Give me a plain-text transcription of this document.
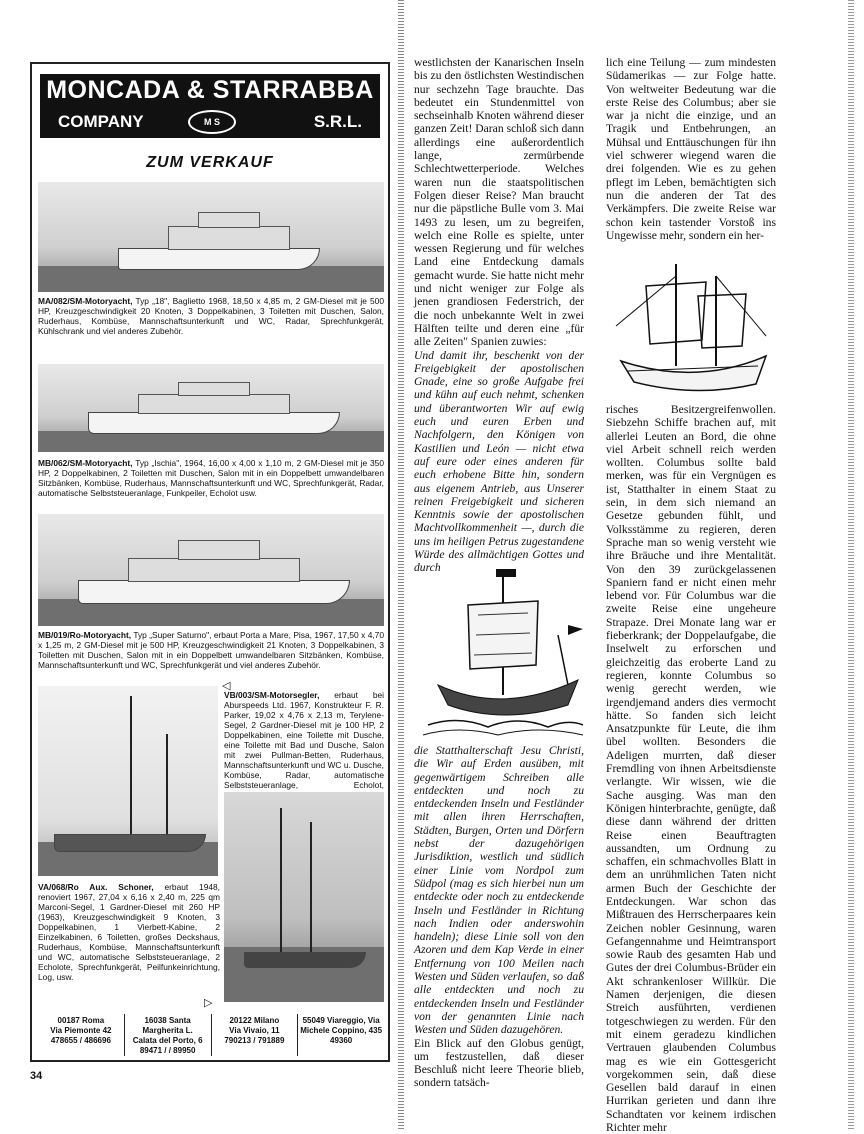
MONCADA & STARRABBA
COMPANY	M S	S.R.L.
ZUM VERKAUF
MA/082/SM-Motoryacht, Typ „18", Baglietto 1968, 18,50 x 4,85 m, 2 GM-Diesel mit je 500 HP, Kreuzgeschwindigkeit 20 Knoten, 3 Doppelkabinen, 3 Toiletten mit Duschen, Salon, Ruderhaus, Kombüse, Mannschaftsunterkunft und WC, Radar, Sprechfunkgerät, Kühlschrank und viel anderes Zubehör.
MB/062/SM-Motoryacht, Typ „Ischia", 1964, 16,00 x 4,00 x 1,10 m, 2 GM-Diesel mit je 350 HP, 2 Doppelkabinen, 2 Toiletten mit Duschen, Salon mit in ein Doppelbett umwandelbaren Sitzbänken, Kombüse, Ruderhaus, Mannschaftsunterkunft und WC, Sprechfunkgerät, Radar, automatische Selbststeueranlage, Funkpeiler, Echolot usw.
MB/019/Ro-Motoryacht, Typ „Super Saturno", erbaut Porta a Mare, Pisa, 1967, 17,50 x 4,70 x 1,25 m, 2 GM-Diesel mit je 500 HP, Kreuzgeschwindigkeit 21 Knoten, 3 Doppelkabinen, 3 Toiletten mit Duschen, Salon mit in ein Doppelbett umwandelbaren Sitzbänken, Kombüse, Mannschaftsunterkunft und WC, Sprechfunkgerät und viel anderes Zubehör.
◁
VB/003/SM-Motorsegler, erbaut bei Aburspeeds Ltd. 1967, Konstrukteur F. R. Parker, 19,02 x 4,76 x 2,13 m, Terylene-Segel, 2 Gardner-Diesel mit je 100 HP, 2 Doppelkabinen, eine Toilette mit Dusche, eine Toilette mit Bad und Dusche, Salon mit zwei Pullman-Betten, Ruderhaus, Mannschaftsunterkunft und WC u. Dusche, Kombüse, Radar, automatische Selbststeueranlage, Echolot,
VA/068/Ro Aux. Schoner, erbaut 1948, renoviert 1967, 27,04 x 6,16 x 2,40 m, 225 qm Marconi-Segel, 1 Gardner-Diesel mit 260 HP (1963), Kreuzgeschwindigkeit 9 Knoten, 3 Doppelkabinen, 1 Vierbett-Kabine, 2 Einzelkabinen, 6 Toiletten, großes Deckshaus, Ruderhaus, Kombüse, Mannschaftsunterkunft und WC, automatische Selbststeueranlage, 2 Echolote, Sprechfunkgerät, Peilfunkeinrichtung, Log, usw.
▷
00187 Roma
Via Piemonte 42
478655 / 486696
16038 Santa Margherita L.
Calata del Porto, 6
89471 / / 89950
20122 Milano
Via Vivaio, 11
790213 / 791889
55049 Viareggio, Via
Michele Coppino, 435
49360
34

westlichsten der Kanarischen Inseln bis zu den östlichsten Westindischen nur sechzehn Tage brauchte. Das bedeutet ein Stundenmittel von sechseinhalb Knoten während dieser ganzen Zeit! Daran schloß sich dann allerdings eine außerordentlich lange, zermürbende Schlechtwetterperiode. Welches waren nun die staatspolitischen Folgen dieser Reise? Man braucht nur die päpstliche Bulle vom 3. Mai 1493 zu lesen, um zu begreifen, welch eine Rolle es spielte, unter wessen Regierung und für welches Land eine Entdeckung damals gemacht wurde. Sie hatte nicht mehr und nicht weniger zur Folge als jenen grandiosen Federstrich, der die noch unbekannte Welt in zwei Hälften teilte und deren eine „für alle Zeiten" Spanien zuwies:

Und damit ihr, beschenkt von der Freigebigkeit der apostolischen Gnade, eine so große Aufgabe frei und kühn auf euch nehmt, schenken und überantworten Wir auf ewig euch und euren Erben und Nachfolgern, den Königen von Kastilien und León — nicht etwa auf eure oder eines anderen für euch erhobene Bitte hin, sondern aus eigenem Antrieb, aus Unserer reinen Freigebigkeit und sicheren Kenntnis sowie der apostolischen Machtvollkommenheit —, durch die uns im heiligen Petrus zugestandene Würde des allmächtigen Gottes und durch

die Statthalterschaft Jesu Christi, die Wir auf Erden ausüben, mit gegenwärtigem Schreiben alle entdeckten und noch zu entdeckenden Inseln und Festländer mit allen ihren Herrschaften, Städten, Burgen, Orten und Dörfern nebst der dazugehörigen Jurisdiktion, westlich und südlich einer Linie vom Nordpol zum Südpol (mag es sich hierbei nun um entdeckte oder noch zu entdeckende Inseln und Festländer in Richtung nach Indien oder anderswohin handeln); diese Linie soll von den Azoren und dem Kap Verde in einer Entfernung von 100 Meilen nach Westen und Süden verlaufen, so daß alle entdeckten und noch zu entdeckenden Inseln und Festländer von der genannten Linie nach Westen und Süden dazugehören.

Ein Blick auf den Globus genügt, um festzustellen, daß dieser Beschluß nicht leere Theorie blieb, sondern tatsäch-

lich eine Teilung — zum mindesten Südamerikas — zur Folge hatte. Von weltweiter Bedeutung war die erste Reise des Columbus; aber sie war ja nicht die einzige, und an Tragik und Entbehrungen, an Mühsal und Enttäuschungen für ihn viel schwerer wiegend waren die drei folgenden. Wie es zu gehen pflegt im Leben, bemächtigten sich nun die anderen der Tat des Verkämpfers. Die zweite Reise war schon kein tastender Vorstoß ins Ungewisse mehr, sondern ein her-

risches Besitzergreifenwollen. Siebzehn Schiffe brachen auf, mit allerlei Leuten an Bord, die ohne viel Arbeit schnell reich werden wollten. Columbus sollte bald merken, was für ein Vergnügen es ist, Statthalter in einem Staat zu sein, in dem sich niemand an Gesetze gebunden fühlt, und Volksstämme zu regieren, deren Sprache man so wenig versteht wie ihre Bräuche und ihre Mentalität. Von den 39 zurückgelassenen Spaniern fand er nicht einen mehr lebend vor. Für Columbus war die zweite Reise eine ungeheure Strapaze. Drei Monate lang war er fieberkrank; der Doppelaufgabe, die Inselwelt zu erforschen und gleichzeitig das eroberte Land zu regieren, konnte Columbus so wenig gerecht werden, wie irgendjemand anders dies vermocht hätte. So fanden sich leicht Ansatzpunkte für Leute, die ihm übel wollten. Besonders die Adeligen murrten, daß dieser Fremdling von ihnen Arbeitsdienste verlangte. Wir wissen, wie die Sache ausging. Was man den Königen hinterbrachte, genügte, daß diese dann während der dritten Reise einen Beauftragten aussandten, um Ordnung zu schaffen, ein schmachvolles Blatt in dem an unrühmlichen Taten nicht armen Buch der Geschichte der Entdeckungen. War schon das Mißtrauen des Herrscherpaares kein Zeichen nobler Gesinnung, waren Gefangennahme und Heimtransport sowie Raub des gesamten Hab und Gutes der drei Columbus-Brüder ein Akt schrankenloser Willkür. Die Namen derjenigen, die diesen Streich ausführten, verdienen totgeschwiegen zu werden. Für den mit einem geradezu kindlichen Vertrauen glaubenden Columbus mag es wie ein Gottesgericht vorgekommen sein, daß diese Gesellen bald darauf in einen Hurrikan gerieten und dann ihre Schandtaten vor keinem irdischen Richter mehr
